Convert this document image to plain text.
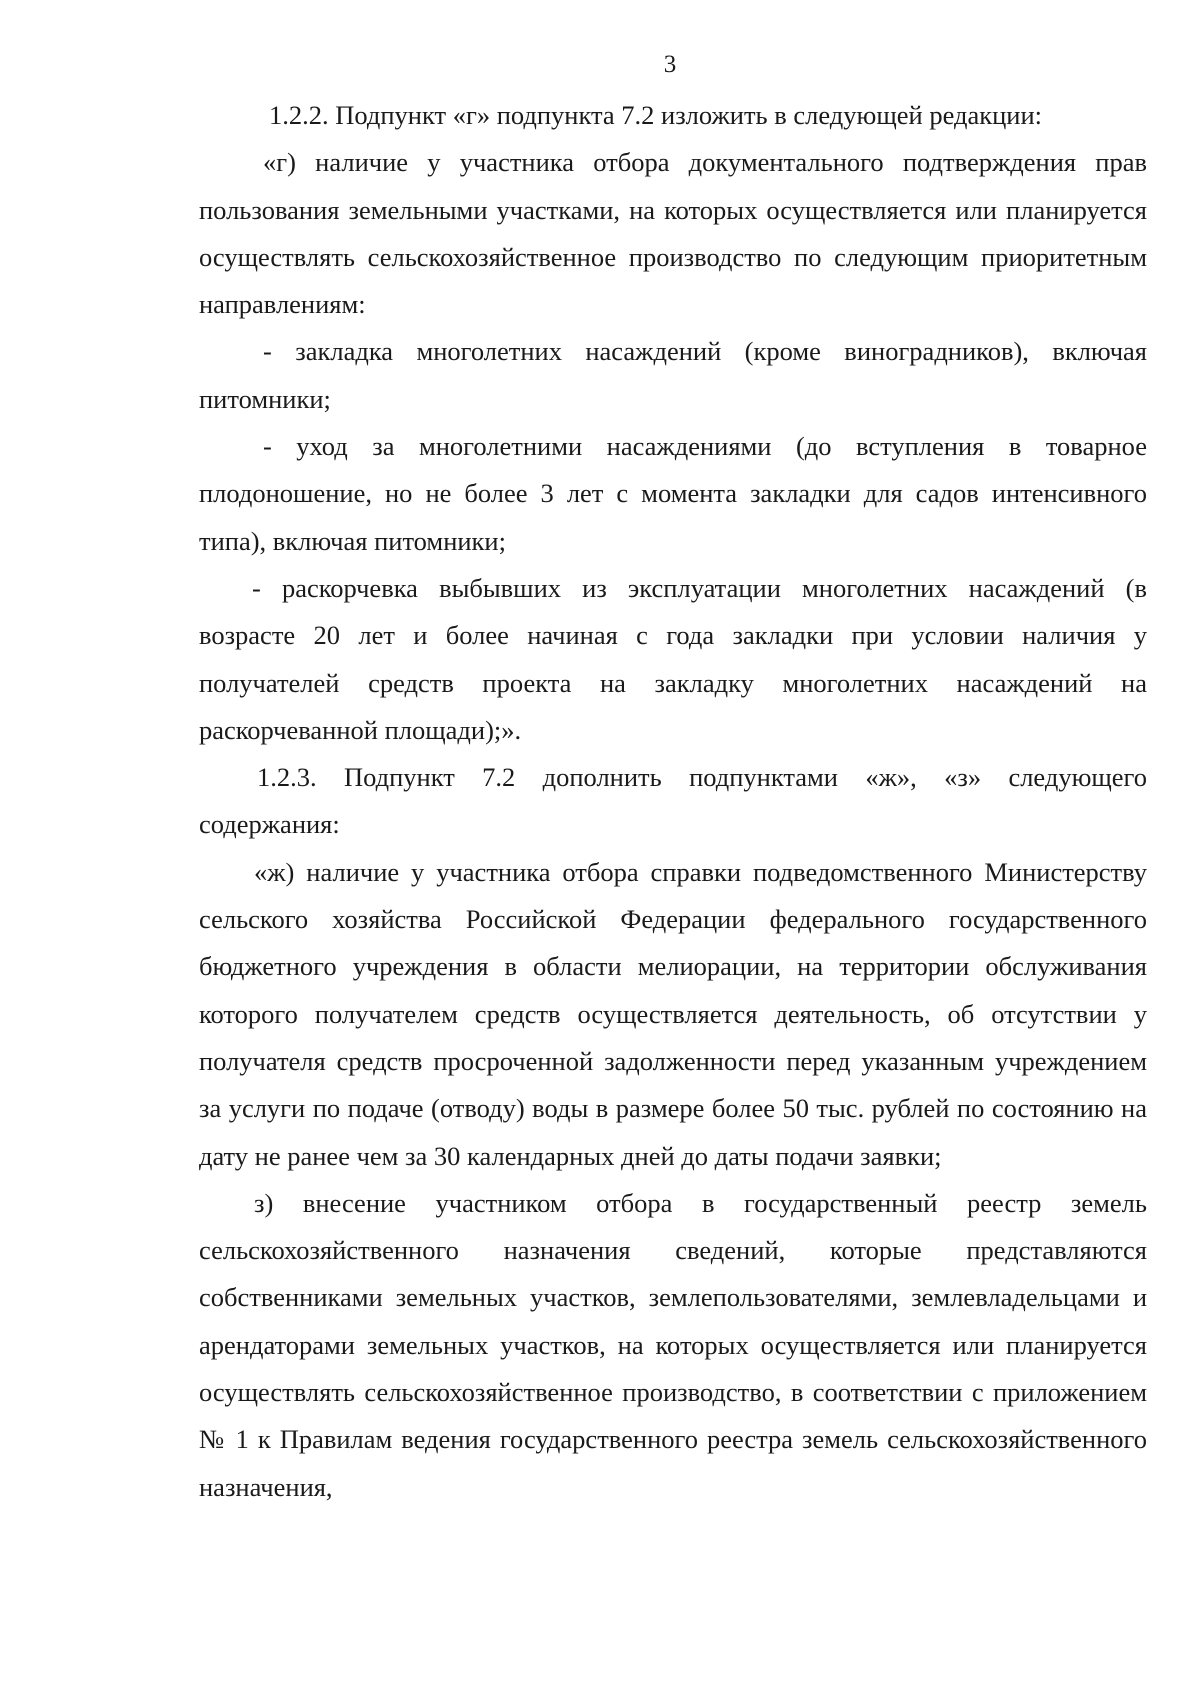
3

1.2.2. Подпункт «г» подпункта 7.2 изложить в следующей редакции:

«г) наличие у участника отбора документального подтверждения прав пользования земельными участками, на которых осуществляется или планируется осуществлять сельскохозяйственное производство по следующим приоритетным направлениям:

- закладка многолетних насаждений (кроме виноградников), включая питомники;

- уход за многолетними насаждениями (до вступления в товарное плодоношение, но не более 3 лет с момента закладки для садов интенсивного типа), включая питомники;

- раскорчевка выбывших из эксплуатации многолетних насаждений (в возрасте 20 лет и более начиная с года закладки при условии наличия у получателей средств проекта на закладку многолетних насаждений на раскорчеванной площади);».

1.2.3. Подпункт 7.2 дополнить подпунктами «ж», «з» следующего содержания:

«ж) наличие у участника отбора справки подведомственного Министерству сельского хозяйства Российской Федерации федерального государственного бюджетного учреждения в области мелиорации, на территории обслуживания которого получателем средств осуществляется деятельность, об отсутствии у получателя средств просроченной задолженности перед указанным учреждением за услуги по подаче (отводу) воды в размере более 50 тыс. рублей по состоянию на дату не ранее чем за 30 календарных дней до даты подачи заявки;

з) внесение участником отбора в государственный реестр земель сельскохозяйственного назначения сведений, которые представляются собственниками земельных участков, землепользователями, землевладельцами и арендаторами земельных участков, на которых осуществляется или планируется осуществлять сельскохозяйственное производство, в соответствии с приложением № 1 к Правилам ведения государственного реестра земель сельскохозяйственного назначения,
